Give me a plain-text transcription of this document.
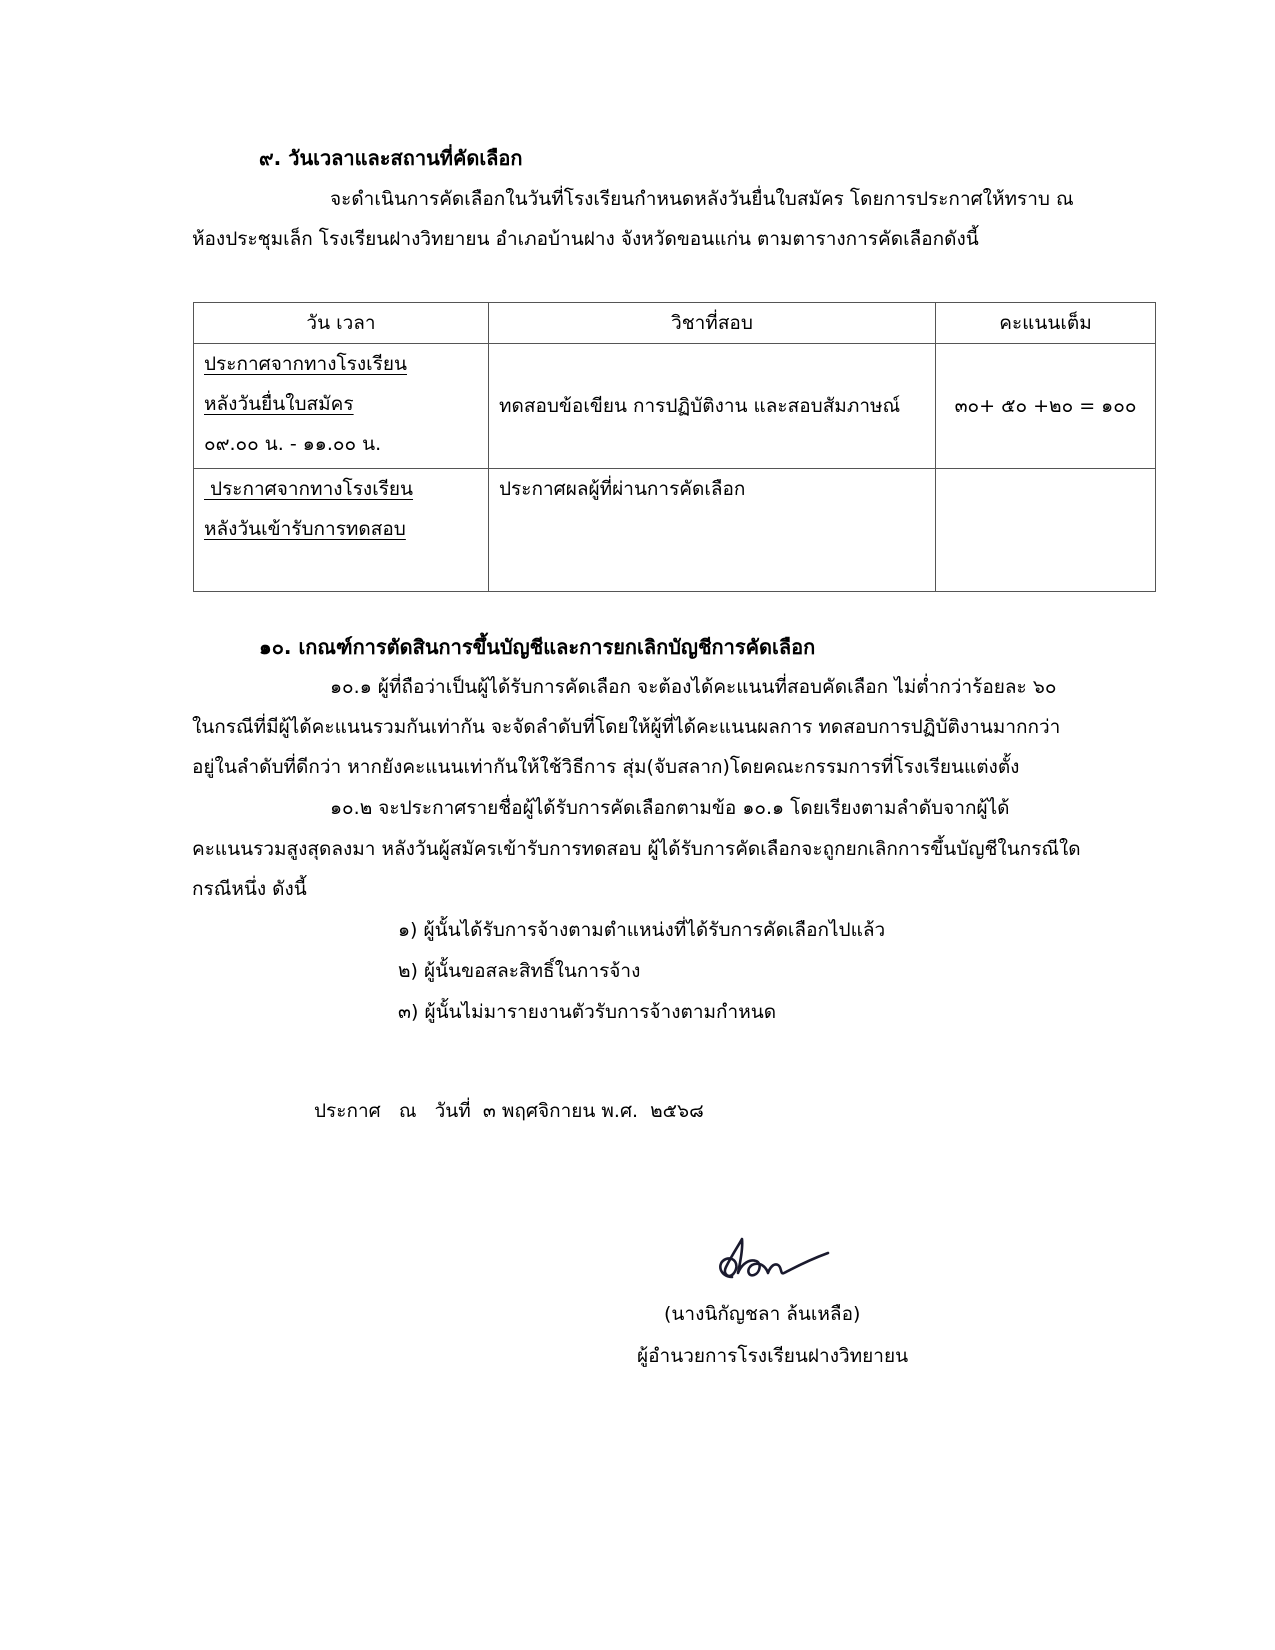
๙. วันเวลาและสถานที่คัดเลือก
จะดำเนินการคัดเลือกในวันที่โรงเรียนกำหนดหลังวันยื่นใบสมัคร โดยการประกาศให้ทราบ ณ
ห้องประชุมเล็ก โรงเรียนฝางวิทยายน อำเภอบ้านฝาง จังหวัดขอนแก่น ตามตารางการคัดเลือกดังนี้
วัน เวลา	วิชาที่สอบ	คะแนนเต็ม

ประกาศจากทางโรงเรียน
หลังวันยื่นใบสมัคร
๐๙.๐๐ น. - ๑๑.๐๐ น.	ทดสอบข้อเขียน การปฏิบัติงาน และสอบสัมภาษณ์	๓๐+ ๕๐ +๒๐ = ๑๐๐

ประกาศจากทางโรงเรียน
หลังวันเข้ารับการทดสอบ	ประกาศผลผู้ที่ผ่านการคัดเลือก	
๑๐. เกณฑ์การตัดสินการขึ้นบัญชีและการยกเลิกบัญชีการคัดเลือก
๑๐.๑ ผู้ที่ถือว่าเป็นผู้ได้รับการคัดเลือก จะต้องได้คะแนนที่สอบคัดเลือก ไม่ต่ำกว่าร้อยละ ๖๐
ในกรณีที่มีผู้ได้คะแนนรวมกันเท่ากัน จะจัดลำดับที่โดยให้ผู้ที่ได้คะแนนผลการ ทดสอบการปฏิบัติงานมากกว่า
อยู่ในลำดับที่ดีกว่า หากยังคะแนนเท่ากันให้ใช้วิธีการ สุ่ม(จับสลาก)โดยคณะกรรมการที่โรงเรียนแต่งตั้ง
๑๐.๒ จะประกาศรายชื่อผู้ได้รับการคัดเลือกตามข้อ ๑๐.๑ โดยเรียงตามลำดับจากผู้ได้
คะแนนรวมสูงสุดลงมา หลังวันผู้สมัครเข้ารับการทดสอบ ผู้ได้รับการคัดเลือกจะถูกยกเลิกการขึ้นบัญชีในกรณีใด
กรณีหนึ่ง ดังนี้
๑) ผู้นั้นได้รับการจ้างตามตำแหน่งที่ได้รับการคัดเลือกไปแล้ว
๒) ผู้นั้นขอสละสิทธิ์ในการจ้าง
๓) ผู้นั้นไม่มารายงานตัวรับการจ้างตามกำหนด
ประกาศ   ณ   วันที่  ๓ พฤศจิกายน พ.ศ.  ๒๕๖๘
(นางนิกัญชลา ล้นเหลือ)
ผู้อำนวยการโรงเรียนฝางวิทยายน
